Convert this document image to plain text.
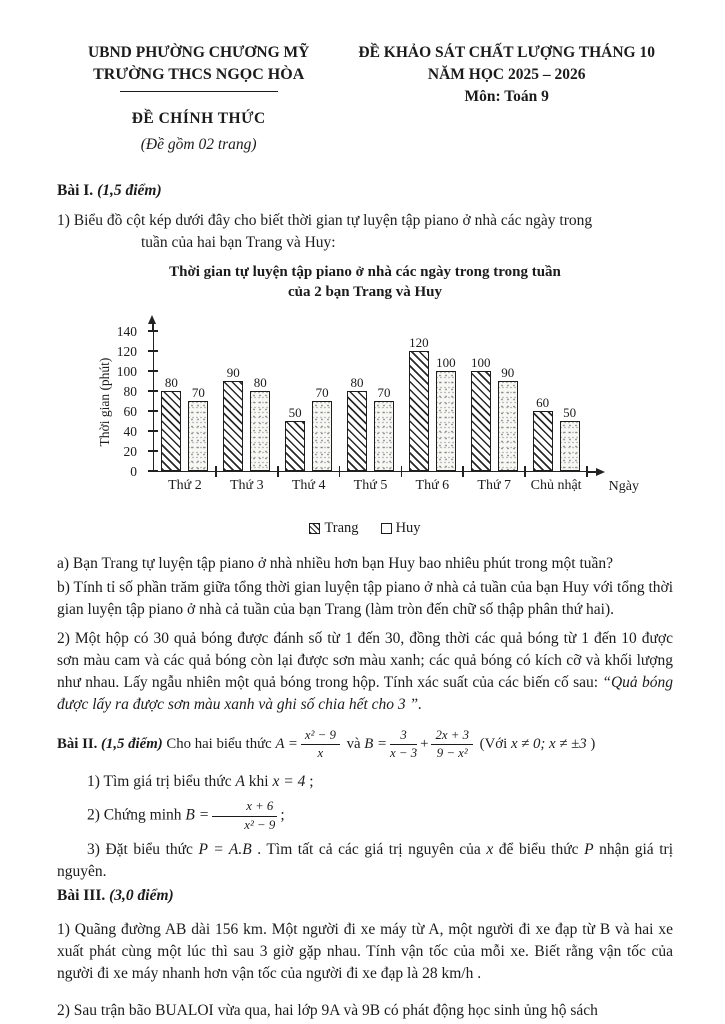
UBND PHƯỜNG CHƯƠNG MỸ
TRƯỜNG THCS NGỌC HÒA
ĐỀ CHÍNH THỨC
(Đề gồm 02 trang)
ĐỀ KHẢO SÁT CHẤT LƯỢNG THÁNG 10
NĂM HỌC 2025 – 2026
Môn: Toán 9

Bài I. (1,5 điểm)

1) Biểu đồ cột kép dưới đây cho biết thời gian tự luyện tập piano ở nhà các ngày trong

tuần của hai bạn Trang và Huy:

Thời gian tự luyện tập piano ở nhà các ngày trong trong tuần
của 2 bạn Trang và Huy
Thời gian (phút)
0
20
40
60
80
100
120
140
Ngày
80
70
Thứ 2
90
80
Thứ 3
50
70
Thứ 4
80
70
Thứ 5
120
100
Thứ 6
100
90
Thứ 7
60
50
Chủ nhật
Trang	Huy

a) Bạn Trang tự luyện tập piano ở nhà nhiều hơn bạn Huy bao nhiêu phút trong một tuần?

b) Tính tỉ số phần trăm giữa tổng thời gian luyện tập piano ở nhà cả tuần của bạn Huy với tổng thời gian luyện tập piano ở nhà cả tuần của bạn Trang (làm tròn đến chữ số thập phân thứ hai).

2) Một hộp có 30 quả bóng được đánh số từ 1 đến 30, đồng thời các quả bóng từ 1 đến 10 được sơn màu cam và các quả bóng còn lại được sơn màu xanh; các quả bóng có kích cỡ và khối lượng như nhau. Lấy ngẫu nhiên một quả bóng trong hộp. Tính xác suất của các biến cố sau: “Quả bóng được lấy ra được sơn màu xanh và ghi số chia hết cho 3 ”.

Bài II. (1,5 điểm) Cho hai biểu thức $A = \frac{\text{x² − 9}}{x}$ và $B = \frac{3}{x - 3} + \frac{2x + 3}{\text{9 − x²}}$ (Với x ≠ 0; x ≠ ±3 )

1) Tìm giá trị biểu thức A khi x = 4 ;

2) Chứng minh $B = \frac{x + 6}{\text{x² − 9}}$ ;

3) Đặt biểu thức P = A.B . Tìm tất cả các giá trị nguyên của x để biểu thức P nhận giá trị nguyên.

Bài III. (3,0 điểm)

1) Quãng đường AB dài 156 km. Một người đi xe máy từ A, một người đi xe đạp từ B và hai xe xuất phát cùng một lúc thì sau 3 giờ gặp nhau. Tính vận tốc của mỗi xe. Biết rằng vận tốc của người đi xe máy nhanh hơn vận tốc của người đi xe đạp là 28 km/h .

2) Sau trận bão BUALOI vừa qua, hai lớp 9A và 9B có phát động học sinh ủng hộ sách
